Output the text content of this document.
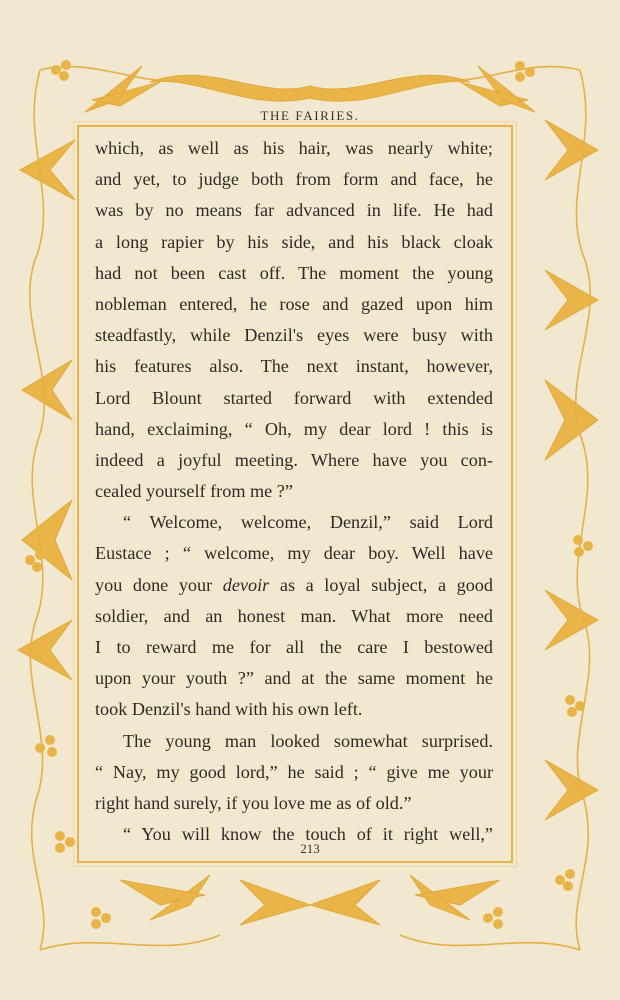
THE FAIRIES.
which, as well as his hair, was nearly white;
and yet, to judge both from form and face, he
was by no means far advanced in life. He had
a long rapier by his side, and his black cloak
had not been cast off. The moment the young
nobleman entered, he rose and gazed upon him
steadfastly, while Denzil's eyes were busy with
his features also. The next instant, however,
Lord Blount started forward with extended
hand, exclaiming, “ Oh, my dear lord ! this is
indeed a joyful meeting. Where have you con-
cealed yourself from me ?”
“ Welcome, welcome, Denzil,” said Lord
Eustace ; “ welcome, my dear boy. Well have
you done your devoir as a loyal subject, a good
soldier, and an honest man. What more need
I to reward me for all the care I bestowed
upon your youth ?” and at the same moment he
took Denzil's hand with his own left.
The young man looked somewhat surprised.
“ Nay, my good lord,” he said ; “ give me your
right hand surely, if you love me as of old.”
“ You will know the touch of it right well,”
213
